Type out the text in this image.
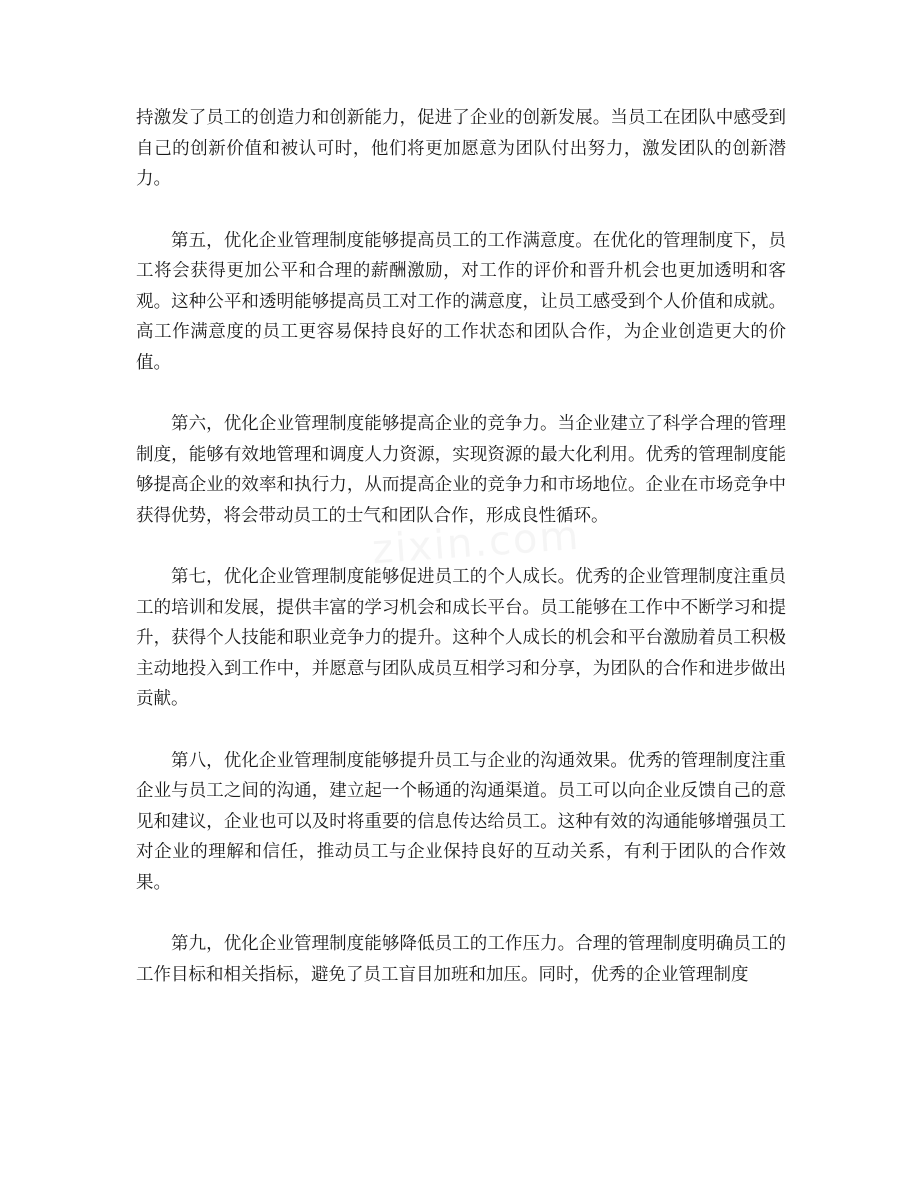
zixin.com

持激发了员工的创造力和创新能力，促进了企业的创新发展。当员工在团队中感受到自己的创新价值和被认可时，他们将更加愿意为团队付出努力，激发团队的创新潜力。

第五，优化企业管理制度能够提高员工的工作满意度。在优化的管理制度下，员工将会获得更加公平和合理的薪酬激励，对工作的评价和晋升机会也更加透明和客观。这种公平和透明能够提高员工对工作的满意度，让员工感受到个人价值和成就。高工作满意度的员工更容易保持良好的工作状态和团队合作，为企业创造更大的价值。

第六，优化企业管理制度能够提高企业的竞争力。当企业建立了科学合理的管理制度，能够有效地管理和调度人力资源，实现资源的最大化利用。优秀的管理制度能够提高企业的效率和执行力，从而提高企业的竞争力和市场地位。企业在市场竞争中获得优势，将会带动员工的士气和团队合作，形成良性循环。

第七，优化企业管理制度能够促进员工的个人成长。优秀的企业管理制度注重员工的培训和发展，提供丰富的学习机会和成长平台。员工能够在工作中不断学习和提升，获得个人技能和职业竞争力的提升。这种个人成长的机会和平台激励着员工积极主动地投入到工作中，并愿意与团队成员互相学习和分享，为团队的合作和进步做出贡献。

第八，优化企业管理制度能够提升员工与企业的沟通效果。优秀的管理制度注重企业与员工之间的沟通，建立起一个畅通的沟通渠道。员工可以向企业反馈自己的意见和建议，企业也可以及时将重要的信息传达给员工。这种有效的沟通能够增强员工对企业的理解和信任，推动员工与企业保持良好的互动关系，有利于团队的合作效果。

第九，优化企业管理制度能够降低员工的工作压力。合理的管理制度明确员工的工作目标和相关指标，避免了员工盲目加班和加压。同时，优秀的企业管理制度
